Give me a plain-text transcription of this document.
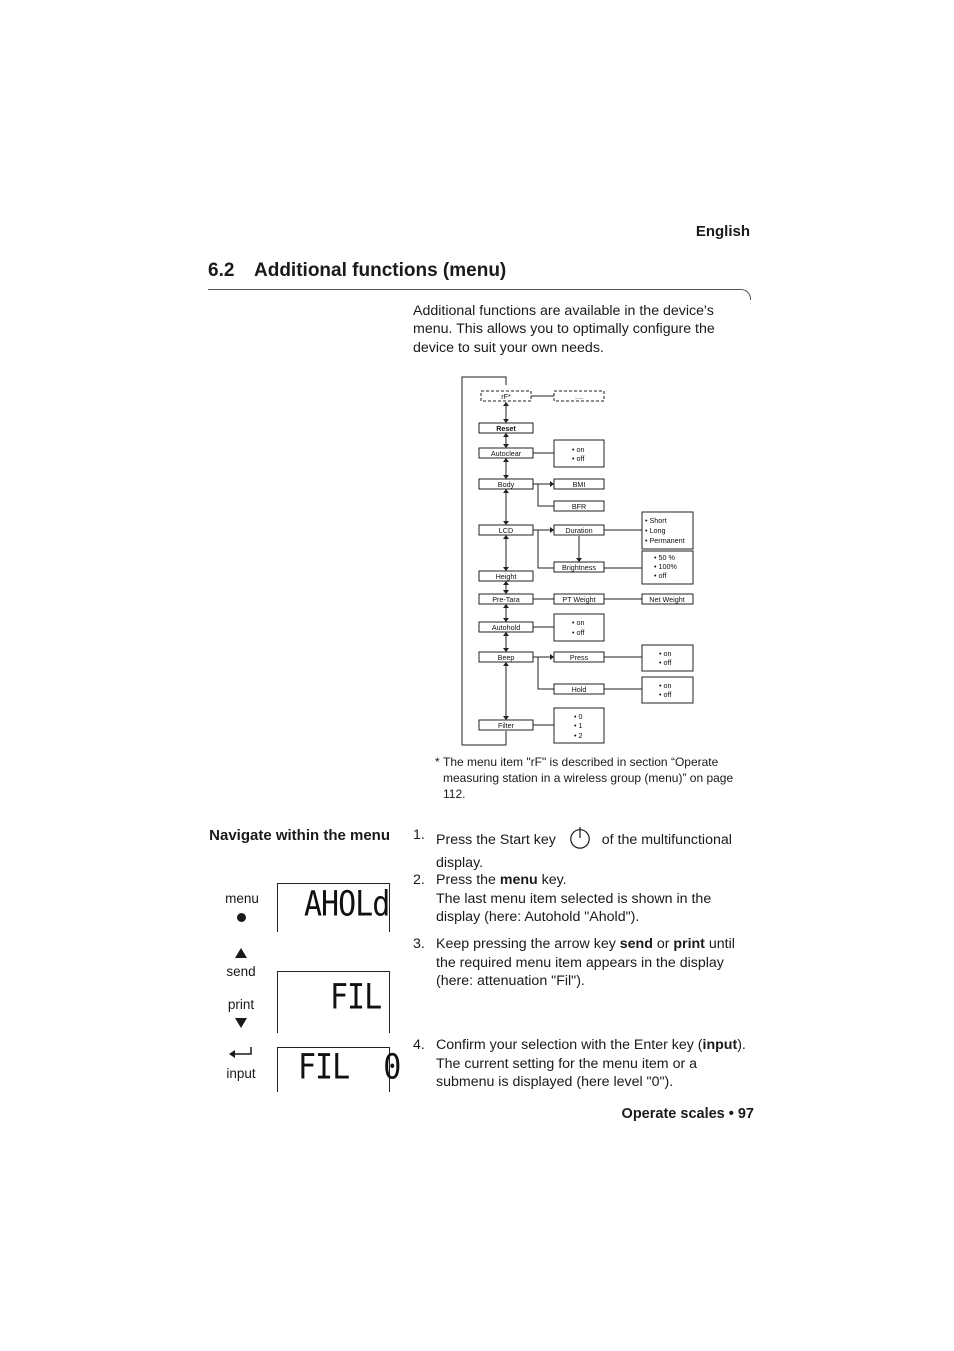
English
6.2 Additional functions (menu)
Additional functions are available in the device's menu. This allows you to optimally configure the device to suit your own needs.
rF*	....
Reset
Autoclear	• on
• off
Body	BMI
BFR
LCD	Duration
• Short
• Long
• Permanent
Brightness
• 50 %
• 100%
• off
Height
Pre-Tara	PT Weight	Net Weight
Autohold
• on
• off
Beep	Press	• on
• off
Hold	• on
• off
Filter
• 0
• 1
• 2
* The menu item "rF" is described in section “Operate measuring station in a wireless group (menu)” on page 112.
Navigate within the menu
menu
send
print
input
AHOLd
FIL
FIL  0
1. Press the Start key	of the multifunctional display.
2. Press the menu key.
The last menu item selected is shown in the display (here: Autohold "Ahold").
3. Keep pressing the arrow key send or print until the required menu item appears in the display (here: attenuation "Fil").
4. Confirm your selection with the Enter key (input).
The current setting for the menu item or a submenu is displayed (here level "0").
Operate scales • 97
